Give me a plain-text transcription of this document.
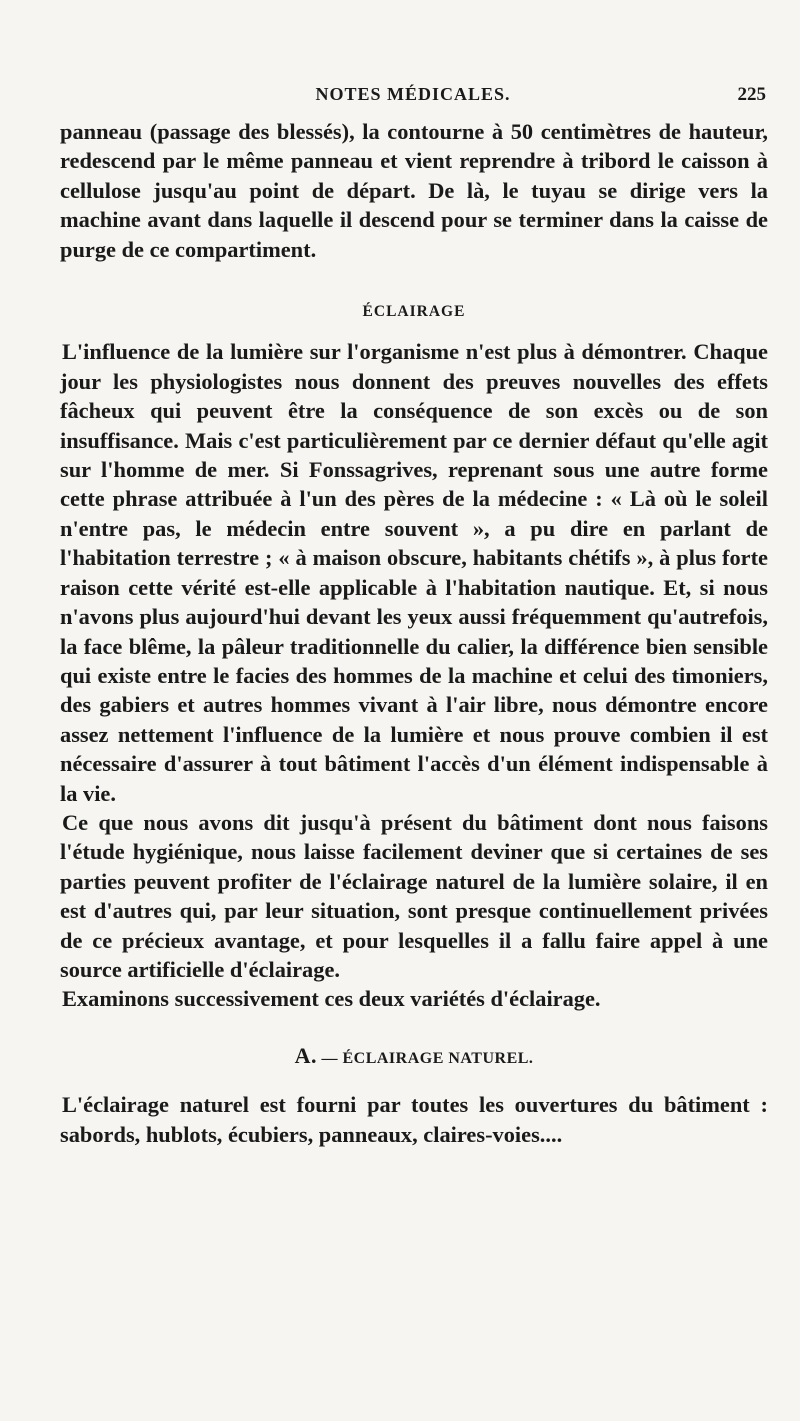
NOTES MÉDICALES.	225

panneau (passage des blessés), la contourne à 50 centimètres de hauteur, redescend par le même panneau et vient reprendre à tribord le caisson à cellulose jusqu'au point de départ. De là, le tuyau se dirige vers la machine avant dans laquelle il descend pour se terminer dans la caisse de purge de ce compartiment.

ÉCLAIRAGE

L'influence de la lumière sur l'organisme n'est plus à démontrer. Chaque jour les physiologistes nous donnent des preuves nouvelles des effets fâcheux qui peuvent être la conséquence de son excès ou de son insuffisance. Mais c'est particulièrement par ce dernier défaut qu'elle agit sur l'homme de mer. Si Fonssagrives, reprenant sous une autre forme cette phrase attribuée à l'un des pères de la médecine : « Là où le soleil n'entre pas, le médecin entre souvent », a pu dire en parlant de l'habitation terrestre ; « à maison obscure, habitants chétifs », à plus forte raison cette vérité est-elle applicable à l'habitation nautique. Et, si nous n'avons plus aujourd'hui devant les yeux aussi fréquemment qu'autrefois, la face blême, la pâleur traditionnelle du calier, la différence bien sensible qui existe entre le facies des hommes de la machine et celui des timoniers, des gabiers et autres hommes vivant à l'air libre, nous démontre encore assez nettement l'influence de la lumière et nous prouve combien il est nécessaire d'assurer à tout bâtiment l'accès d'un élément indispensable à la vie.

Ce que nous avons dit jusqu'à présent du bâtiment dont nous faisons l'étude hygiénique, nous laisse facilement deviner que si certaines de ses parties peuvent profiter de l'éclairage naturel de la lumière solaire, il en est d'autres qui, par leur situation, sont presque continuellement privées de ce précieux avantage, et pour lesquelles il a fallu faire appel à une source artificielle d'éclairage.

Examinons successivement ces deux variétés d'éclairage.

A. — ÉCLAIRAGE NATUREL.

L'éclairage naturel est fourni par toutes les ouvertures du bâtiment : sabords, hublots, écubiers, panneaux, claires-voies....
